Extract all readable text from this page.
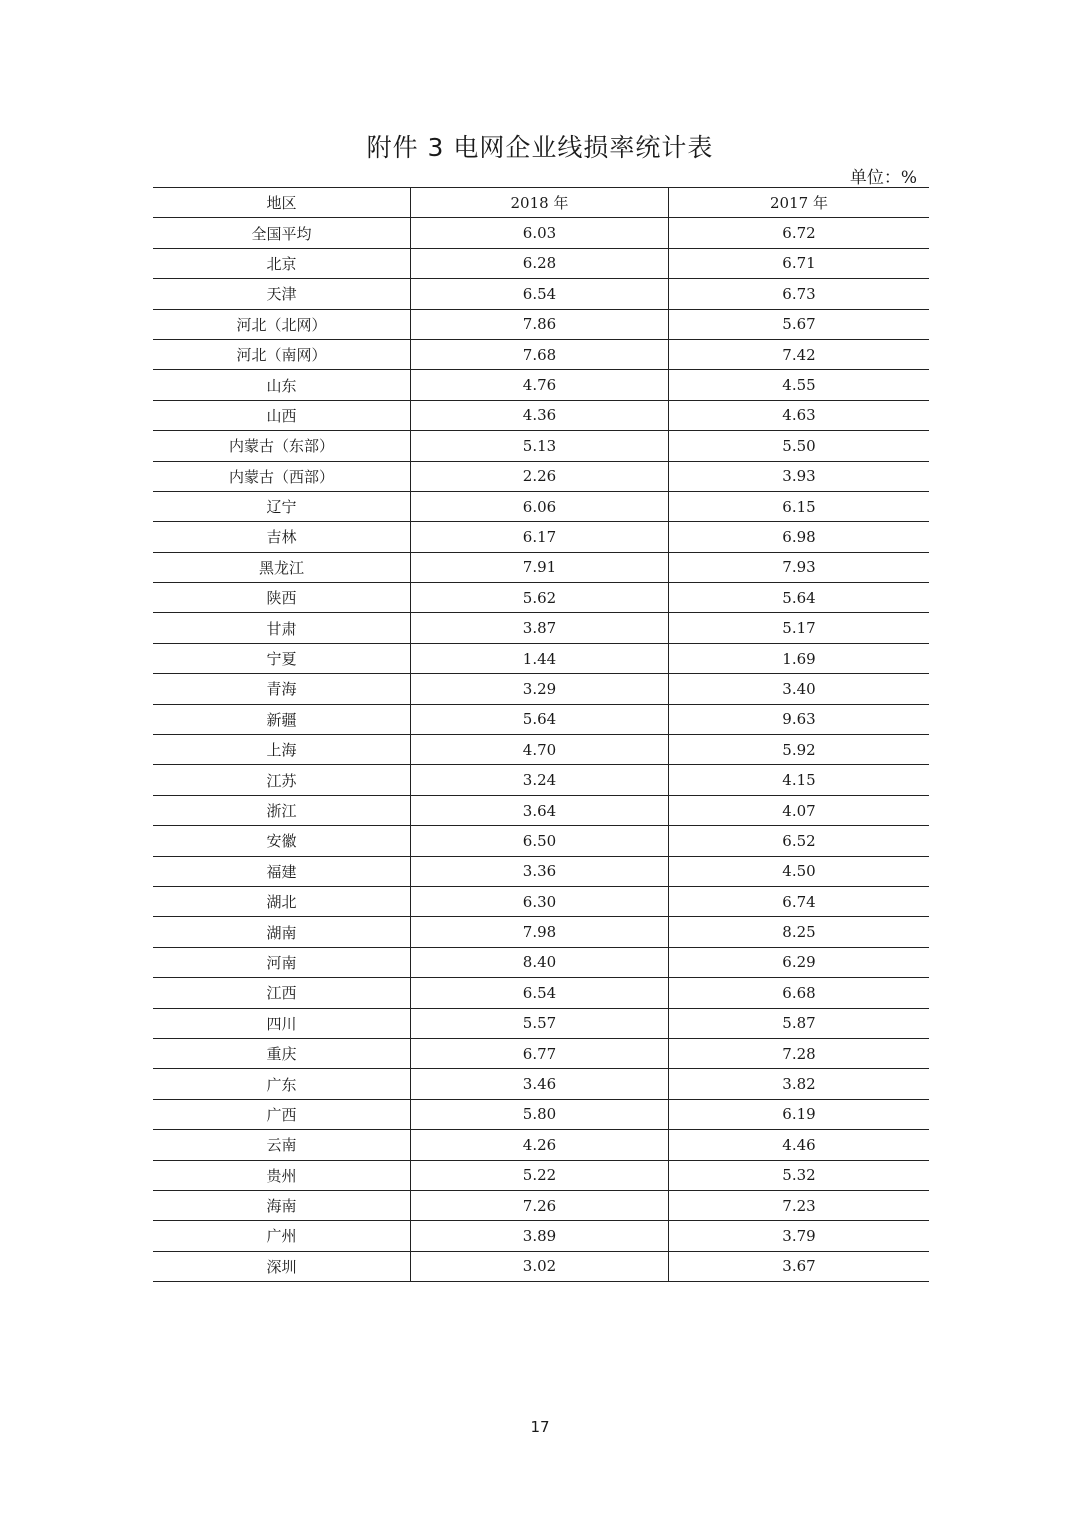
附件 3 电网企业线损率统计表
单位：%
地区	2018 年	2017 年
全国平均	6.03	6.72
北京	6.28	6.71
天津	6.54	6.73
河北（北网）	7.86	5.67
河北（南网）	7.68	7.42
山东	4.76	4.55
山西	4.36	4.63
内蒙古（东部）	5.13	5.50
内蒙古（西部）	2.26	3.93
辽宁	6.06	6.15
吉林	6.17	6.98
黑龙江	7.91	7.93
陕西	5.62	5.64
甘肃	3.87	5.17
宁夏	1.44	1.69
青海	3.29	3.40
新疆	5.64	9.63
上海	4.70	5.92
江苏	3.24	4.15
浙江	3.64	4.07
安徽	6.50	6.52
福建	3.36	4.50
湖北	6.30	6.74
湖南	7.98	8.25
河南	8.40	6.29
江西	6.54	6.68
四川	5.57	5.87
重庆	6.77	7.28
广东	3.46	3.82
广西	5.80	6.19
云南	4.26	4.46
贵州	5.22	5.32
海南	7.26	7.23
广州	3.89	3.79
深圳	3.02	3.67
17
